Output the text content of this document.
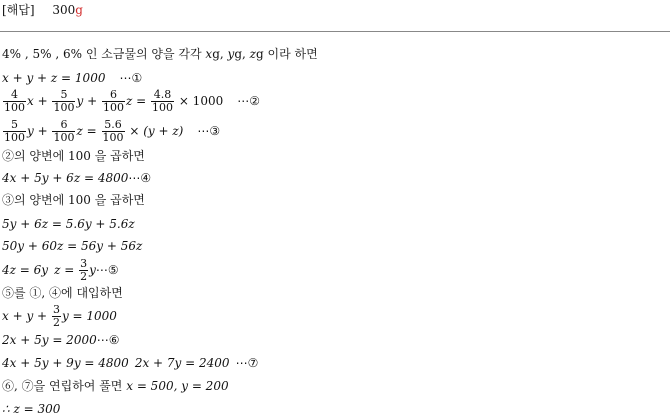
[해답] 300g
4% , 5% , 6% 인 소금물의 양을 각각 xg, yg, zg 이라 하면
x + y + z = 1000 ⋯①
$\frac{4}{100}$ $x + \frac{5}{100}$ $y + \frac{6}{100}$ $z = \frac{4.8}{100} \times 1000$ ⋯②
$\frac{5}{100}$ $y + \frac{6}{100}$ $z = \frac{5.6}{100} \times (y + z)$ ⋯③
②의 양변에 100 을 곱하면
4x + 5y + 6z = 4800⋯④
③의 양변에 100 을 곱하면
5y + 6z = 5.6y + 5.6z
50y + 60z = 56y + 56z
4z = 6y $z = \frac{3}{2}$ y⋯⑤
⑤를 ①, ④에 대입하면
$x + y + \frac{3}{2}$ y = 1000
2x + 5y = 2000⋯⑥
4x + 5y + 9y = 4800 2x + 7y = 2400 ⋯⑦
⑥, ⑦을 연립하여 풀면 x = 500, y = 200
∴ z = 300
